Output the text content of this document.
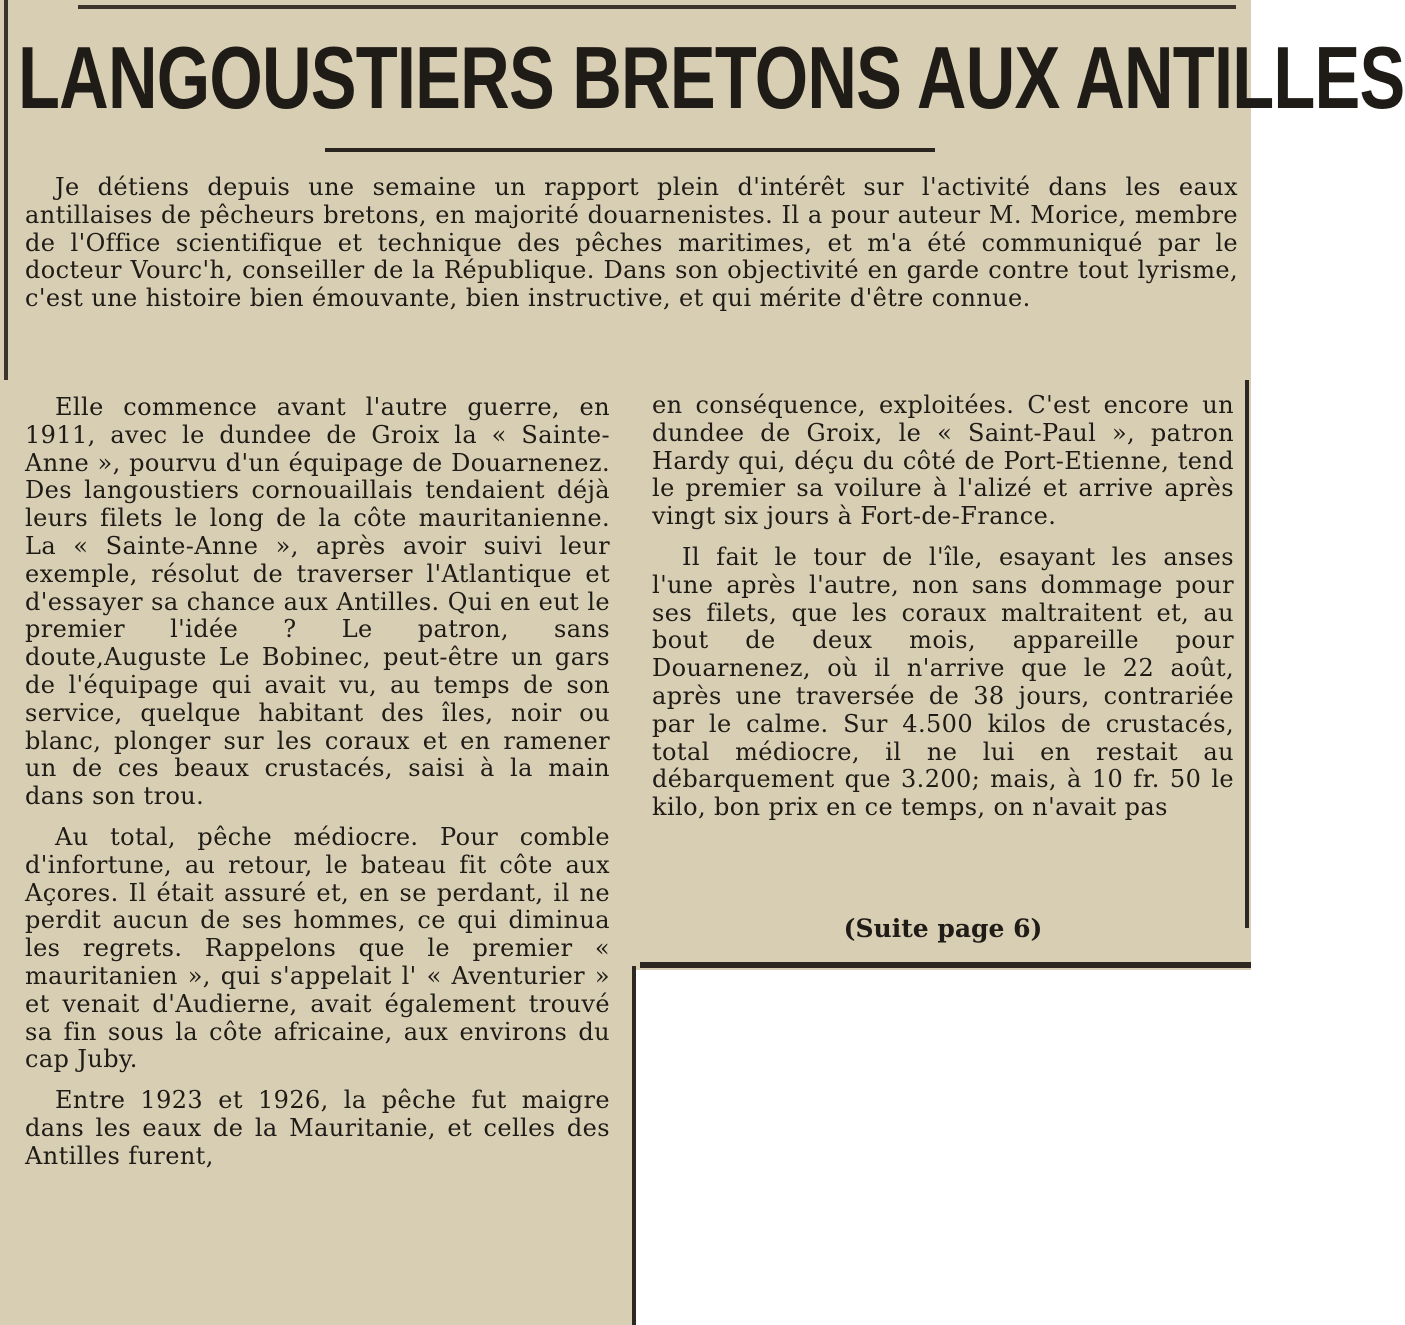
LANGOUSTIERS BRETONS AUX ANTILLES

Je détiens depuis une semaine un rapport plein d'intérêt sur l'activité dans les eaux antillaises de pêcheurs bretons, en majorité douarnenistes. Il a pour auteur M. Morice, membre de l'Office scientifique et technique des pêches maritimes, et m'a été communiqué par le docteur Vourc'h, conseiller de la République. Dans son objectivité en garde contre tout lyrisme, c'est une histoire bien émouvante, bien instructive, et qui mérite d'être connue.

Elle commence avant l'autre guerre, en 1911, avec le dundee de Groix la « Sainte-Anne », pourvu d'un équipage de Douarnenez. Des langoustiers cornouaillais tendaient déjà leurs filets le long de la côte mauritanienne. La « Sainte-Anne », après avoir suivi leur exemple, résolut de traverser l'Atlantique et d'essayer sa chance aux Antilles. Qui en eut le premier l'idée ? Le patron, sans doute,Auguste Le Bobinec, peut-être un gars de l'équipage qui avait vu, au temps de son service, quelque habitant des îles, noir ou blanc, plonger sur les coraux et en ramener un de ces beaux crustacés, saisi à la main dans son trou.

Au total, pêche médiocre. Pour comble d'infortune, au retour, le bateau fit côte aux Açores. Il était assuré et, en se perdant, il ne perdit aucun de ses hommes, ce qui diminua les regrets. Rappelons que le premier « mauritanien », qui s'appelait l' « Aventurier » et venait d'Audierne, avait également trouvé sa fin sous la côte africaine, aux environs du cap Juby.

Entre 1923 et 1926, la pêche fut maigre dans les eaux de la Mauritanie, et celles des Antilles furent,

en conséquence, exploitées. C'est encore un dundee de Groix, le « Saint-Paul », patron Hardy qui, déçu du côté de Port-Etienne, tend le premier sa voilure à l'alizé et arrive après vingt six jours à Fort-de-France.

Il fait le tour de l'île, esayant les anses l'une après l'autre, non sans dommage pour ses filets, que les coraux maltraitent et, au bout de deux mois, appareille pour Douarnenez, où il n'arrive que le 22 août, après une traversée de 38 jours, contrariée par le calme. Sur 4.500 kilos de crustacés, total médiocre, il ne lui en restait au débarquement que 3.200; mais, à 10 fr. 50 le kilo, bon prix en ce temps, on n'avait pas

(Suite page 6)
